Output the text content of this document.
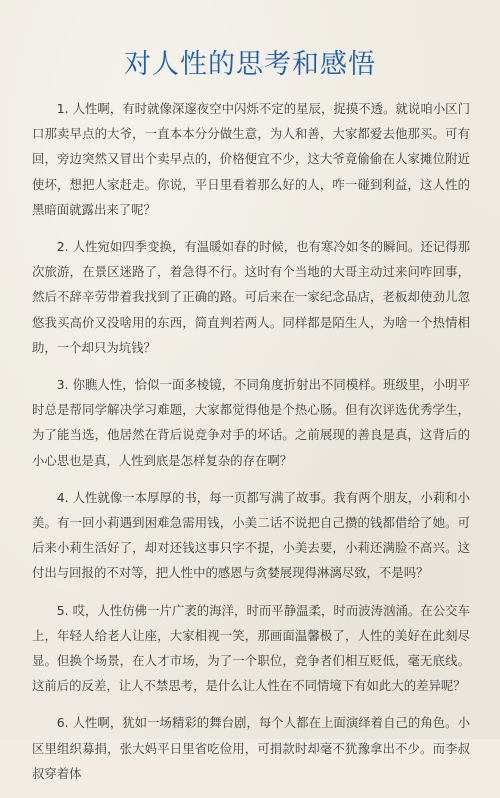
对人性的思考和感悟

1. 人性啊，有时就像深邃夜空中闪烁不定的星辰，捉摸不透。就说咱小区门口那卖早点的大爷，一直本本分分做生意，为人和善，大家都爱去他那买。可有回，旁边突然又冒出个卖早点的，价格便宜不少，这大爷竟偷偷在人家摊位附近使坏，想把人家赶走。你说，平日里看着那么好的人，咋一碰到利益，这人性的黑暗面就露出来了呢？

2. 人性宛如四季变换，有温暖如春的时候，也有寒冷如冬的瞬间。还记得那次旅游，在景区迷路了，着急得不行。这时有个当地的大哥主动过来问咋回事，然后不辞辛劳带着我找到了正确的路。可后来在一家纪念品店，老板却使劲儿忽悠我买高价又没啥用的东西，简直判若两人。同样都是陌生人，为啥一个热情相助，一个却只为坑钱？

3. 你瞧人性，恰似一面多棱镜，不同角度折射出不同模样。班级里，小明平时总是帮同学解决学习难题，大家都觉得他是个热心肠。但有次评选优秀学生，为了能当选，他居然在背后说竞争对手的坏话。之前展现的善良是真，这背后的小心思也是真，人性到底是怎样复杂的存在啊？

4. 人性就像一本厚厚的书，每一页都写满了故事。我有两个朋友，小莉和小美。有一回小莉遇到困难急需用钱，小美二话不说把自己攒的钱都借给了她。可后来小莉生活好了，却对还钱这事只字不提，小美去要，小莉还满脸不高兴。这付出与回报的不对等，把人性中的感恩与贪婪展现得淋漓尽致，不是吗？

5. 哎，人性仿佛一片广袤的海洋，时而平静温柔，时而波涛汹涌。在公交车上，年轻人给老人让座，大家相视一笑，那画面温馨极了，人性的美好在此刻尽显。但换个场景，在人才市场，为了一个职位，竞争者们相互贬低，毫无底线。这前后的反差，让人不禁思考，是什么让人性在不同情境下有如此大的差异呢？

6. 人性啊，犹如一场精彩的舞台剧，每个人都在上面演绎着自己的角色。小区里组织募捐，张大妈平日里省吃俭用，可捐款时却毫不犹豫拿出不少。而李叔叔穿着体
